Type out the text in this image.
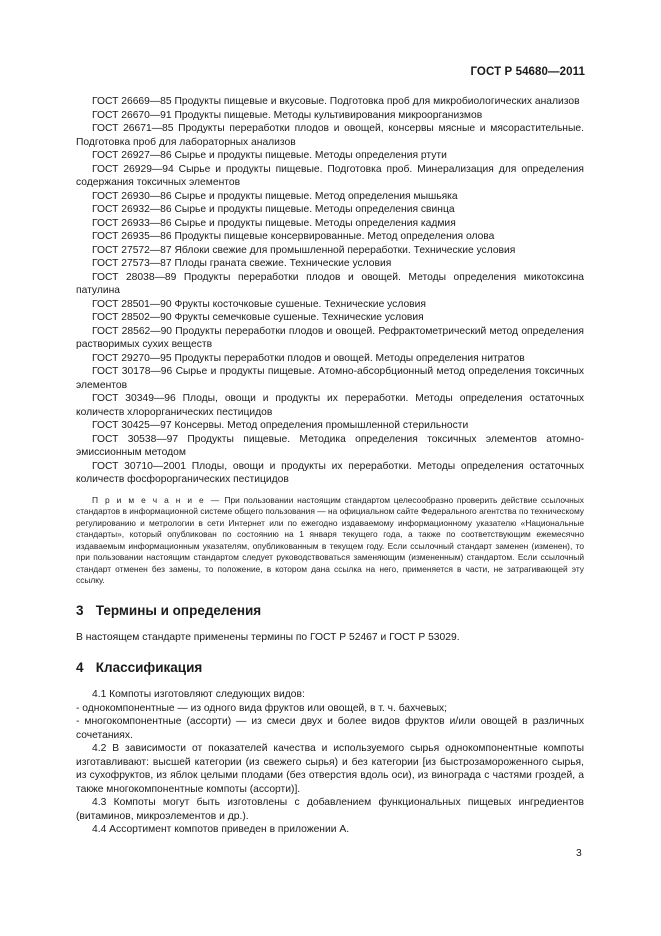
ГОСТ Р 54680—2011
ГОСТ 26669—85 Продукты пищевые и вкусовые. Подготовка проб для микробиологических анализов
ГОСТ 26670—91 Продукты пищевые. Методы культивирования микроорганизмов
ГОСТ 26671—85 Продукты переработки плодов и овощей, консервы мясные и мясорастительные. Подготовка проб для лабораторных анализов
ГОСТ 26927—86 Сырье и продукты пищевые. Методы определения ртути
ГОСТ 26929—94 Сырье и продукты пищевые. Подготовка проб. Минерализация для определения содержания токсичных элементов
ГОСТ 26930—86 Сырье и продукты пищевые. Метод определения мышьяка
ГОСТ 26932—86 Сырье и продукты пищевые. Методы определения свинца
ГОСТ 26933—86 Сырье и продукты пищевые. Методы определения кадмия
ГОСТ 26935—86 Продукты пищевые консервированные. Метод определения олова
ГОСТ 27572—87 Яблоки свежие для промышленной переработки. Технические условия
ГОСТ 27573—87 Плоды граната свежие. Технические условия
ГОСТ 28038—89 Продукты переработки плодов и овощей. Методы определения микотоксина патулина
ГОСТ 28501—90 Фрукты косточковые сушеные. Технические условия
ГОСТ 28502—90 Фрукты семечковые сушеные. Технические условия
ГОСТ 28562—90 Продукты переработки плодов и овощей. Рефрактометрический метод определения растворимых сухих веществ
ГОСТ 29270—95 Продукты переработки плодов и овощей. Методы определения нитратов
ГОСТ 30178—96 Сырье и продукты пищевые. Атомно-абсорбционный метод определения токсичных элементов
ГОСТ 30349—96 Плоды, овощи и продукты их переработки. Методы определения остаточных количеств хлорорганических пестицидов
ГОСТ 30425—97 Консервы. Метод определения промышленной стерильности
ГОСТ 30538—97 Продукты пищевые. Методика определения токсичных элементов атомно-эмиссионным методом
ГОСТ 30710—2001 Плоды, овощи и продукты их переработки. Методы определения остаточных количеств фосфорорганических пестицидов
П р и м е ч а н и е — При пользовании настоящим стандартом целесообразно проверить действие ссылочных стандартов в информационной системе общего пользования — на официальном сайте Федерального агентства по техническому регулированию и метрологии в сети Интернет или по ежегодно издаваемому информационному указателю «Национальные стандарты», который опубликован по состоянию на 1 января текущего года, а также по соответствующим ежемесячно издаваемым информационным указателям, опубликованным в текущем году. Если ссылочный стандарт заменен (изменен), то при пользовании настоящим стандартом следует руководствоваться заменяющим (измененным) стандартом. Если ссылочный стандарт отменен без замены, то положение, в котором дана ссылка на него, применяется в части, не затрагивающей эту ссылку.
3 Термины и определения

В настоящем стандарте применены термины по ГОСТ Р 52467 и ГОСТ Р 53029.

4 Классификация

4.1 Компоты изготовляют следующих видов:

- однокомпонентные — из одного вида фруктов или овощей, в т. ч. бахчевых;

- многокомпонентные (ассорти) — из смеси двух и более видов фруктов и/или овощей в различных сочетаниях.

4.2 В зависимости от показателей качества и используемого сырья однокомпонентные компоты изготавливают: высшей категории (из свежего сырья) и без категории [из быстрозамороженного сырья, из сухофруктов, из яблок целыми плодами (без отверстия вдоль оси), из винограда с частями гроздей, а также многокомпонентные компоты (ассорти)].

4.3 Компоты могут быть изготовлены с добавлением функциональных пищевых ингредиентов (витаминов, микроэлементов и др.).

4.4 Ассортимент компотов приведен в приложении А.

3
